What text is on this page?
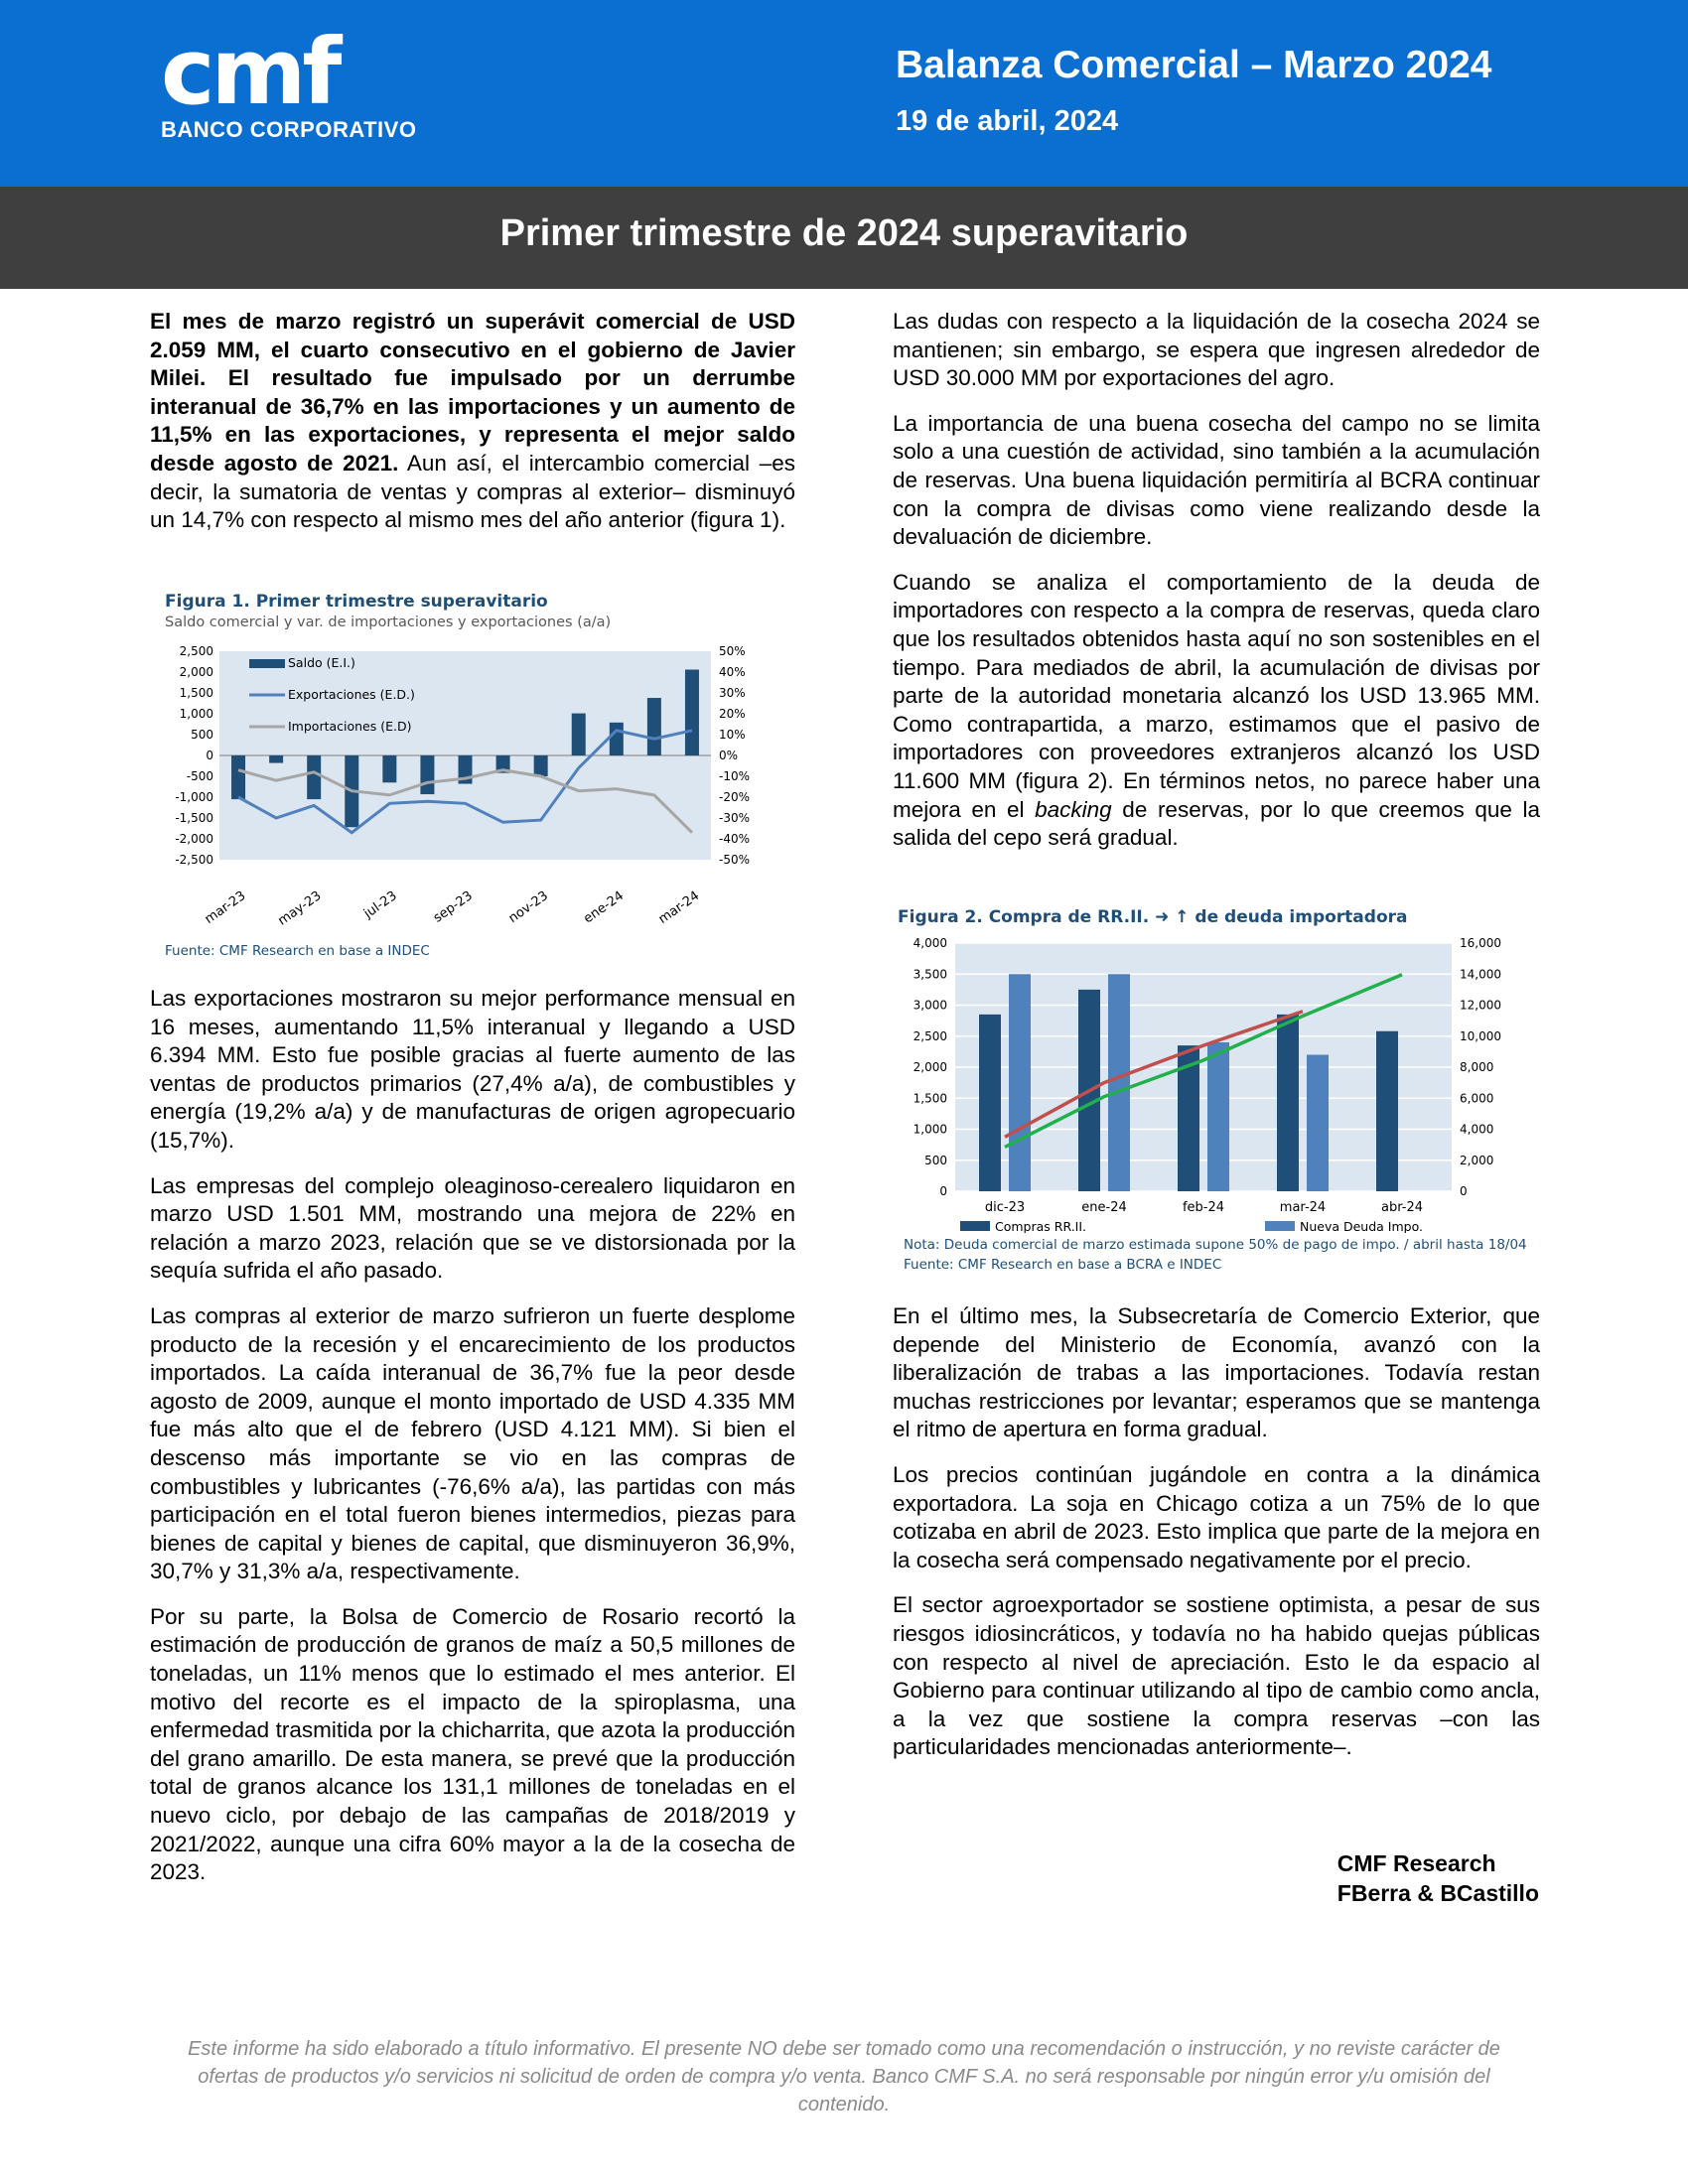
cmf
BANCO CORPORATIVO
Balanza Comercial – Marzo 2024
19 de abril, 2024
Primer trimestre de 2024 superavitario

El mes de marzo registró un superávit comercial de USD 2.059 MM, el cuarto consecutivo en el gobierno de Javier Milei. El resultado fue impulsado por un derrumbe interanual de 36,7% en las importaciones y un aumento de 11,5% en las exportaciones, y representa el mejor saldo desde agosto de 2021. Aun así, el intercambio comercial –es decir, la sumatoria de ventas y compras al exterior– disminuyó un 14,7% con respecto al mismo mes del año anterior (figura 1).

Figura 1. Primer trimestre superavitario
Saldo comercial y var. de importaciones y exportaciones (a/a)
2,500
2,000
1,500
1,000
500
0
-500
-1,000
-1,500
-2,000
-2,500
50%
40%
30%
20%
10%
0%
-10%
-20%
-30%
-40%
-50%
Saldo (E.I.)
Exportaciones (E.D.)
Importaciones (E.D)
mar-23 may-23	jul-23 sep-23 nov-23 ene-24 mar-24
Fuente: CMF Research en base a INDEC

Las exportaciones mostraron su mejor performance mensual en 16 meses, aumentando 11,5% interanual y llegando a USD 6.394 MM. Esto fue posible gracias al fuerte aumento de las ventas de productos primarios (27,4% a/a), de combustibles y energía (19,2% a/a) y de manufacturas de origen agropecuario (15,7%).

Las empresas del complejo oleaginoso-cerealero liquidaron en marzo USD 1.501 MM, mostrando una mejora de 22% en relación a marzo 2023, relación que se ve distorsionada por la sequía sufrida el año pasado.

Las compras al exterior de marzo sufrieron un fuerte desplome producto de la recesión y el encarecimiento de los productos importados. La caída interanual de 36,7% fue la peor desde agosto de 2009, aunque el monto importado de USD 4.335 MM fue más alto que el de febrero (USD 4.121 MM). Si bien el descenso más importante se vio en las compras de combustibles y lubricantes (-76,6% a/a), las partidas con más participación en el total fueron bienes intermedios, piezas para bienes de capital y bienes de capital, que disminuyeron 36,9%, 30,7% y 31,3% a/a, respectivamente.

Por su parte, la Bolsa de Comercio de Rosario recortó la estimación de producción de granos de maíz a 50,5 millones de toneladas, un 11% menos que lo estimado el mes anterior. El motivo del recorte es el impacto de la spiroplasma, una enfermedad trasmitida por la chicharrita, que azota la producción del grano amarillo. De esta manera, se prevé que la producción total de granos alcance los 131,1 millones de toneladas en el nuevo ciclo, por debajo de las campañas de 2018/2019 y 2021/2022, aunque una cifra 60% mayor a la de la cosecha de 2023.

Las dudas con respecto a la liquidación de la cosecha 2024 se mantienen; sin embargo, se espera que ingresen alrededor de USD 30.000 MM por exportaciones del agro.

La importancia de una buena cosecha del campo no se limita solo a una cuestión de actividad, sino también a la acumulación de reservas. Una buena liquidación permitiría al BCRA continuar con la compra de divisas como viene realizando desde la devaluación de diciembre.

Cuando se analiza el comportamiento de la deuda de importadores con respecto a la compra de reservas, queda claro que los resultados obtenidos hasta aquí no son sostenibles en el tiempo. Para mediados de abril, la acumulación de divisas por parte de la autoridad monetaria alcanzó los USD 13.965 MM. Como contrapartida, a marzo, estimamos que el pasivo de importadores con proveedores extranjeros alcanzó los USD 11.600 MM (figura 2). En términos netos, no parece haber una mejora en el backing de reservas, por lo que creemos que la salida del cepo será gradual.

Figura 2. Compra de RR.II. ➜ ↑ de deuda importadora
4,000
3,500
3,000
2,500
2,000
1,500
1,000
500
0
16,000
14,000
12,000
10,000
8,000
6,000
4,000
2,000
0
dic-23	ene-24	feb-24	mar-24	abr-24
Compras RR.II.	Nueva Deuda Impo.
Nota: Deuda comercial de marzo estimada supone 50% de pago de impo. / abril hasta 18/04
Fuente: CMF Research en base a BCRA e INDEC

En el último mes, la Subsecretaría de Comercio Exterior, que depende del Ministerio de Economía, avanzó con la liberalización de trabas a las importaciones. Todavía restan muchas restricciones por levantar; esperamos que se mantenga el ritmo de apertura en forma gradual.

Los precios continúan jugándole en contra a la dinámica exportadora. La soja en Chicago cotiza a un 75% de lo que cotizaba en abril de 2023. Esto implica que parte de la mejora en la cosecha será compensado negativamente por el precio.

El sector agroexportador se sostiene optimista, a pesar de sus riesgos idiosincráticos, y todavía no ha habido quejas públicas con respecto al nivel de apreciación. Esto le da espacio al Gobierno para continuar utilizando al tipo de cambio como ancla, a la vez que sostiene la compra reservas –con las particularidades mencionadas anteriormente–.

CMF Research
FBerra & BCastillo
Este informe ha sido elaborado a título informativo. El presente NO debe ser tomado como una recomendación o instrucción, y no reviste carácter de ofertas de productos y/o servicios ni solicitud de orden de compra y/o venta. Banco CMF S.A. no será responsable por ningún error y/u omisión del contenido.
